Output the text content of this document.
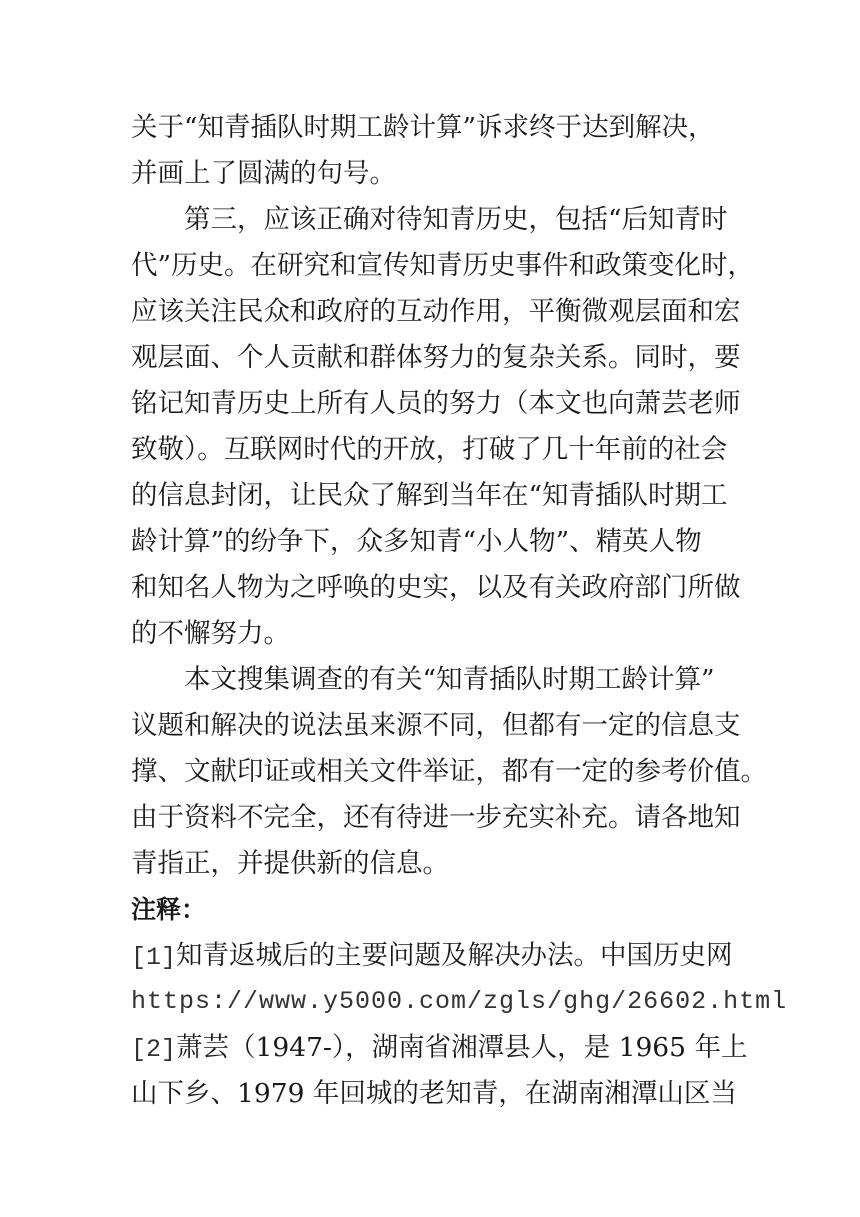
关于“知青插队时期工龄计算”诉求终于达到解决，
并画上了圆满的句号。
第三，应该正确对待知青历史，包括“后知青时
代”历史。在研究和宣传知青历史事件和政策变化时，
应该关注民众和政府的互动作用，平衡微观层面和宏
观层面、个人贡献和群体努力的复杂关系。同时，要
铭记知青历史上所有人员的努力（本文也向萧芸老师
致敬）。互联网时代的开放，打破了几十年前的社会
的信息封闭，让民众了解到当年在“知青插队时期工
龄计算”的纷争下，众多知青“小人物”、精英人物
和知名人物为之呼唤的史实，以及有关政府部门所做
的不懈努力。
本文搜集调查的有关“知青插队时期工龄计算”
议题和解决的说法虽来源不同，但都有一定的信息支
撑、文献印证或相关文件举证，都有一定的参考价值。
由于资料不完全，还有待进一步充实补充。请各地知
青指正，并提供新的信息。
注释：
[1]知青返城后的主要问题及解决办法。中国历史网
https://www.y5000.com/zgls/ghg/26602.html
[2]萧芸（1947-），湖南省湘潭县人，是 1965 年上
山下乡、1979 年回城的老知青，在湖南湘潭山区当
